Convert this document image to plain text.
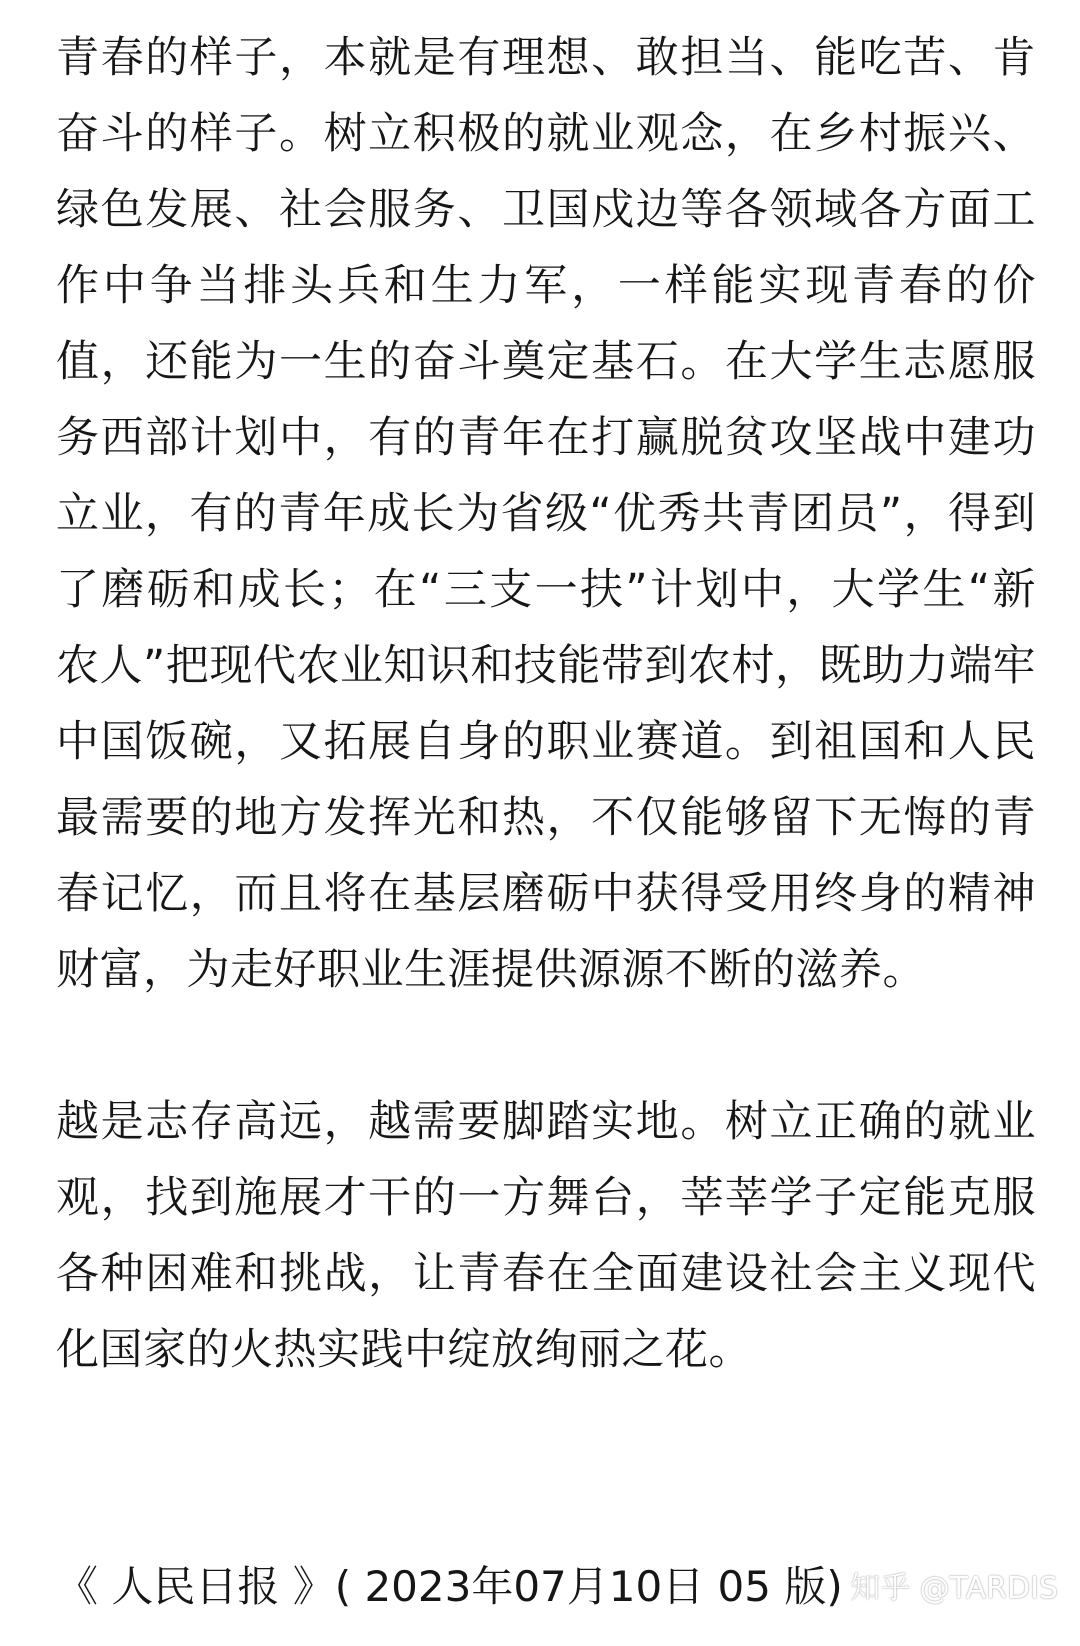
青春的样子，本就是有理想、敢担当、能吃苦、肯奋斗的样子。树立积极的就业观念，在乡村振兴、绿色发展、社会服务、卫国戍边等各领域各方面工作中争当排头兵和生力军，一样能实现青春的价值，还能为一生的奋斗奠定基石。在大学生志愿服务西部计划中，有的青年在打赢脱贫攻坚战中建功立业，有的青年成长为省级“优秀共青团员”，得到了磨砺和成长；在“三支一扶”计划中，大学生“新农人”把现代农业知识和技能带到农村，既助力端牢中国饭碗，又拓展自身的职业赛道。到祖国和人民最需要的地方发挥光和热，不仅能够留下无悔的青春记忆，而且将在基层磨砺中获得受用终身的精神财富，为走好职业生涯提供源源不断的滋养。

越是志存高远，越需要脚踏实地。树立正确的就业观，找到施展才干的一方舞台，莘莘学子定能克服各种困难和挑战，让青春在全面建设社会主义现代化国家的火热实践中绽放绚丽之花。

《 人民日报 》( 2023年07月10日 05 版) 知乎 @TARDIS
